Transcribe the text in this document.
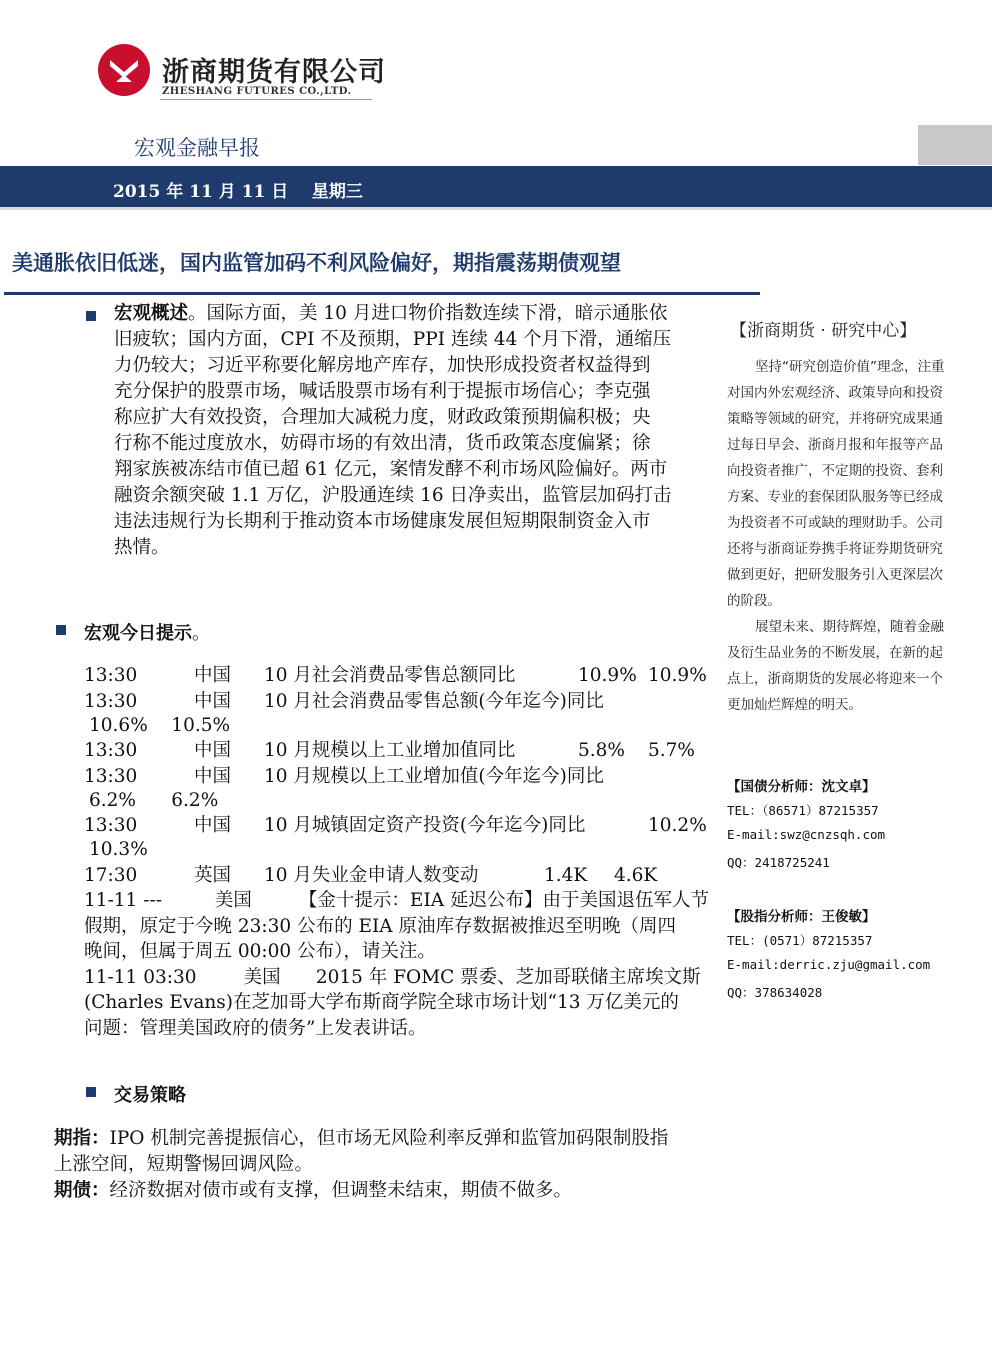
浙商期货有限公司
ZHESHANG FUTURES CO.,LTD.
宏观金融早报
2015 年 11 月 11 日    星期三
美通胀依旧低迷，国内监管加码不利风险偏好，期指震荡期债观望
宏观概述。国际方面，美 10 月进口物价指数连续下滑，暗示通胀依
旧疲软；国内方面，CPI 不及预期，PPI 连续 44 个月下滑，通缩压
力仍较大；习近平称要化解房地产库存，加快形成投资者权益得到
充分保护的股票市场，喊话股票市场有利于提振市场信心；李克强
称应扩大有效投资，合理加大减税力度，财政政策预期偏积极；央
行称不能过度放水，妨碍市场的有效出清，货币政策态度偏紧；徐
翔家族被冻结市值已超 61 亿元，案情发酵不利市场风险偏好。两市
融资余额突破 1.1 万亿，沪股通连续 16 日净卖出，监管层加码打击
违法违规行为长期利于推动资本市场健康发展但短期限制资金入市
热情。
宏观今日提示。
13:30	中国 10 月社会消费品零售总额同比	10.9% 10.9%
13:30	中国 10 月社会消费品零售总额(今年迄今)同比
10.6%    10.5%
13:30	中国 10 月规模以上工业增加值同比	5.8% 5.7%
13:30	中国 10 月规模以上工业增加值(今年迄今)同比
6.2%      6.2%
13:30	中国 10 月城镇固定资产投资(今年迄今)同比	10.2%
10.3%
17:30	英国 10 月失业金申请人数变动	1.4K 4.6K
11-11 ---         美国        【金十提示：EIA 延迟公布】由于美国退伍军人节
假期，原定于今晚 23:30 公布的 EIA 原油库存数据被推迟至明晚（周四
晚间，但属于周五 00:00 公布），请关注。
11-11 03:30        美国      2015 年 FOMC 票委、芝加哥联储主席埃文斯
(Charles Evans)在芝加哥大学布斯商学院全球市场计划“13 万亿美元的
问题：管理美国政府的债务”上发表讲话。
交易策略
期指：IPO 机制完善提振信心，但市场无风险利率反弹和监管加码限制股指
上涨空间，短期警惕回调风险。
期债：经济数据对债市或有支撑，但调整未结束，期债不做多。
【浙商期货 · 研究中心】

坚持“研究创造价值”理念，注重对国内外宏观经济、政策导向和投资策略等领域的研究，并将研究成果通过每日早会、浙商月报和年报等产品向投资者推广，不定期的投资、套利方案、专业的套保团队服务等已经成为投资者不可或缺的理财助手。公司还将与浙商证券携手将证券期货研究做到更好，把研发服务引入更深层次的阶段。

展望未来、期待辉煌，随着金融及衍生品业务的不断发展，在新的起点上，浙商期货的发展必将迎来一个更加灿烂辉煌的明天。

【国债分析师：沈文卓】
TEL：（86571）87215357
E-mail:swz@cnzsqh.com
QQ：2418725241
【股指分析师：王俊敏】
TEL：(0571）87215357
E-mail:derric.zju@gmail.com
QQ：378634028
